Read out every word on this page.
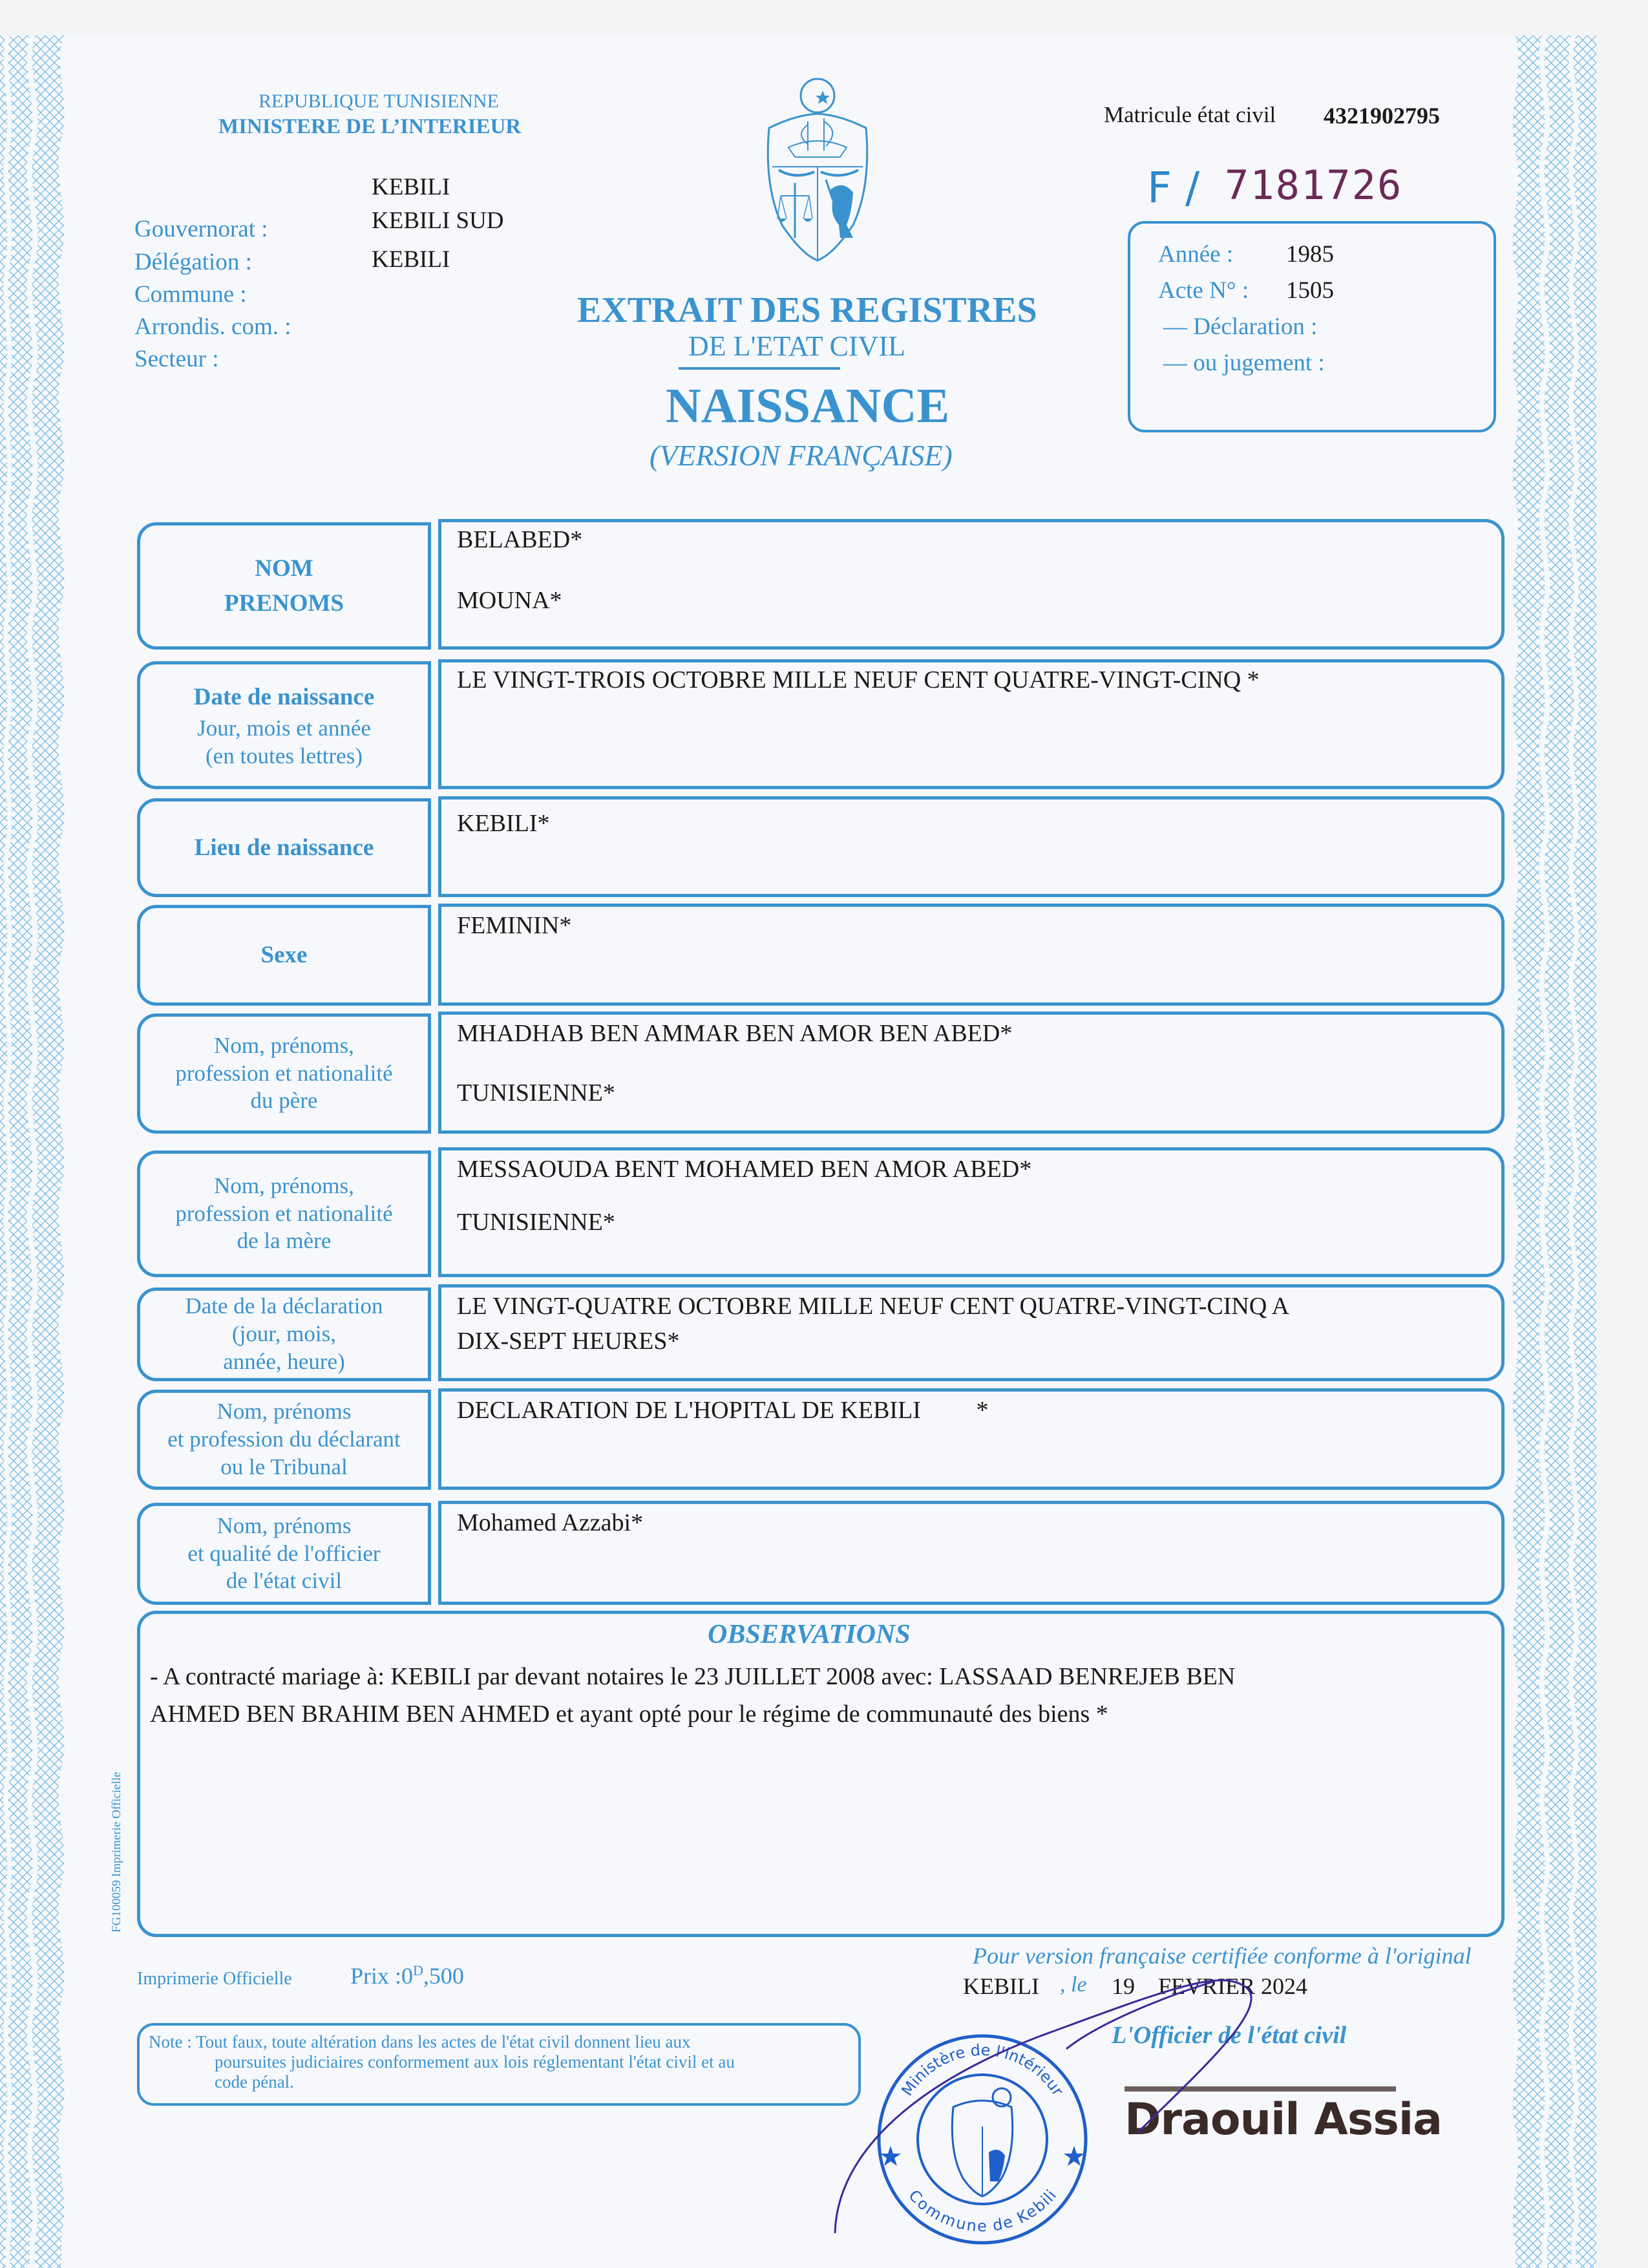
REPUBLIQUE TUNISIENNE
MINISTERE DE L’INTERIEUR
KEBILI
KEBILI SUD
KEBILI
Gouvernorat :
Délégation :
Commune :
Arrondis. com. :
Secteur :
EXTRAIT DES REGISTRES
DE L'ETAT CIVIL
NAISSANCE
(VERSION FRANÇAISE)
Matricule état civil 4321902795
F / 7181726
Année : 1985
Acte N° : 1505
— Déclaration :
— ou jugement :
NOM
PRENOMS
BELABED*
MOUNA*
Date de naissance
Jour, mois et année
(en toutes lettres)
LE VINGT-TROIS OCTOBRE MILLE NEUF CENT QUATRE-VINGT-CINQ *
Lieu de naissance
KEBILI*
Sexe
FEMININ*
Nom, prénoms,
profession et nationalité
du père
MHADHAB BEN AMMAR BEN AMOR BEN ABED*
TUNISIENNE*
Nom, prénoms,
profession et nationalité
de la mère
MESSAOUDA BENT MOHAMED BEN AMOR ABED*
TUNISIENNE*
Date de la déclaration
(jour, mois,
année, heure)
LE VINGT-QUATRE OCTOBRE MILLE NEUF CENT QUATRE-VINGT-CINQ A
DIX-SEPT HEURES*
Nom, prénoms
et profession du déclarant
ou le Tribunal
DECLARATION DE L'HOPITAL DE KEBILI         *
Nom, prénoms
et qualité de l'officier
de l'état civil
Mohamed Azzabi*
OBSERVATIONS
- A contracté mariage à: KEBILI par devant notaires le 23 JUILLET 2008 avec: LASSAAD BENREJEB BEN
AHMED BEN BRAHIM BEN AHMED et ayant opté pour le régime de communauté des biens *
FG100059 Imprimerie Officielle
Imprimerie Officielle	Prix $:0^D,500$
Note : Tout faux, toute altération dans les actes de l'état civil donnent lieu aux
poursuites judiciaires conformement aux lois réglementant l'état civil et au
code pénal.
Pour version française certifiée conforme à l'original
KEBILI , le 19    FEVRIER 2024
L'Officier de l'état civil
Ministère de l'intérieur
Commune de Kebili
Draouil Assia
